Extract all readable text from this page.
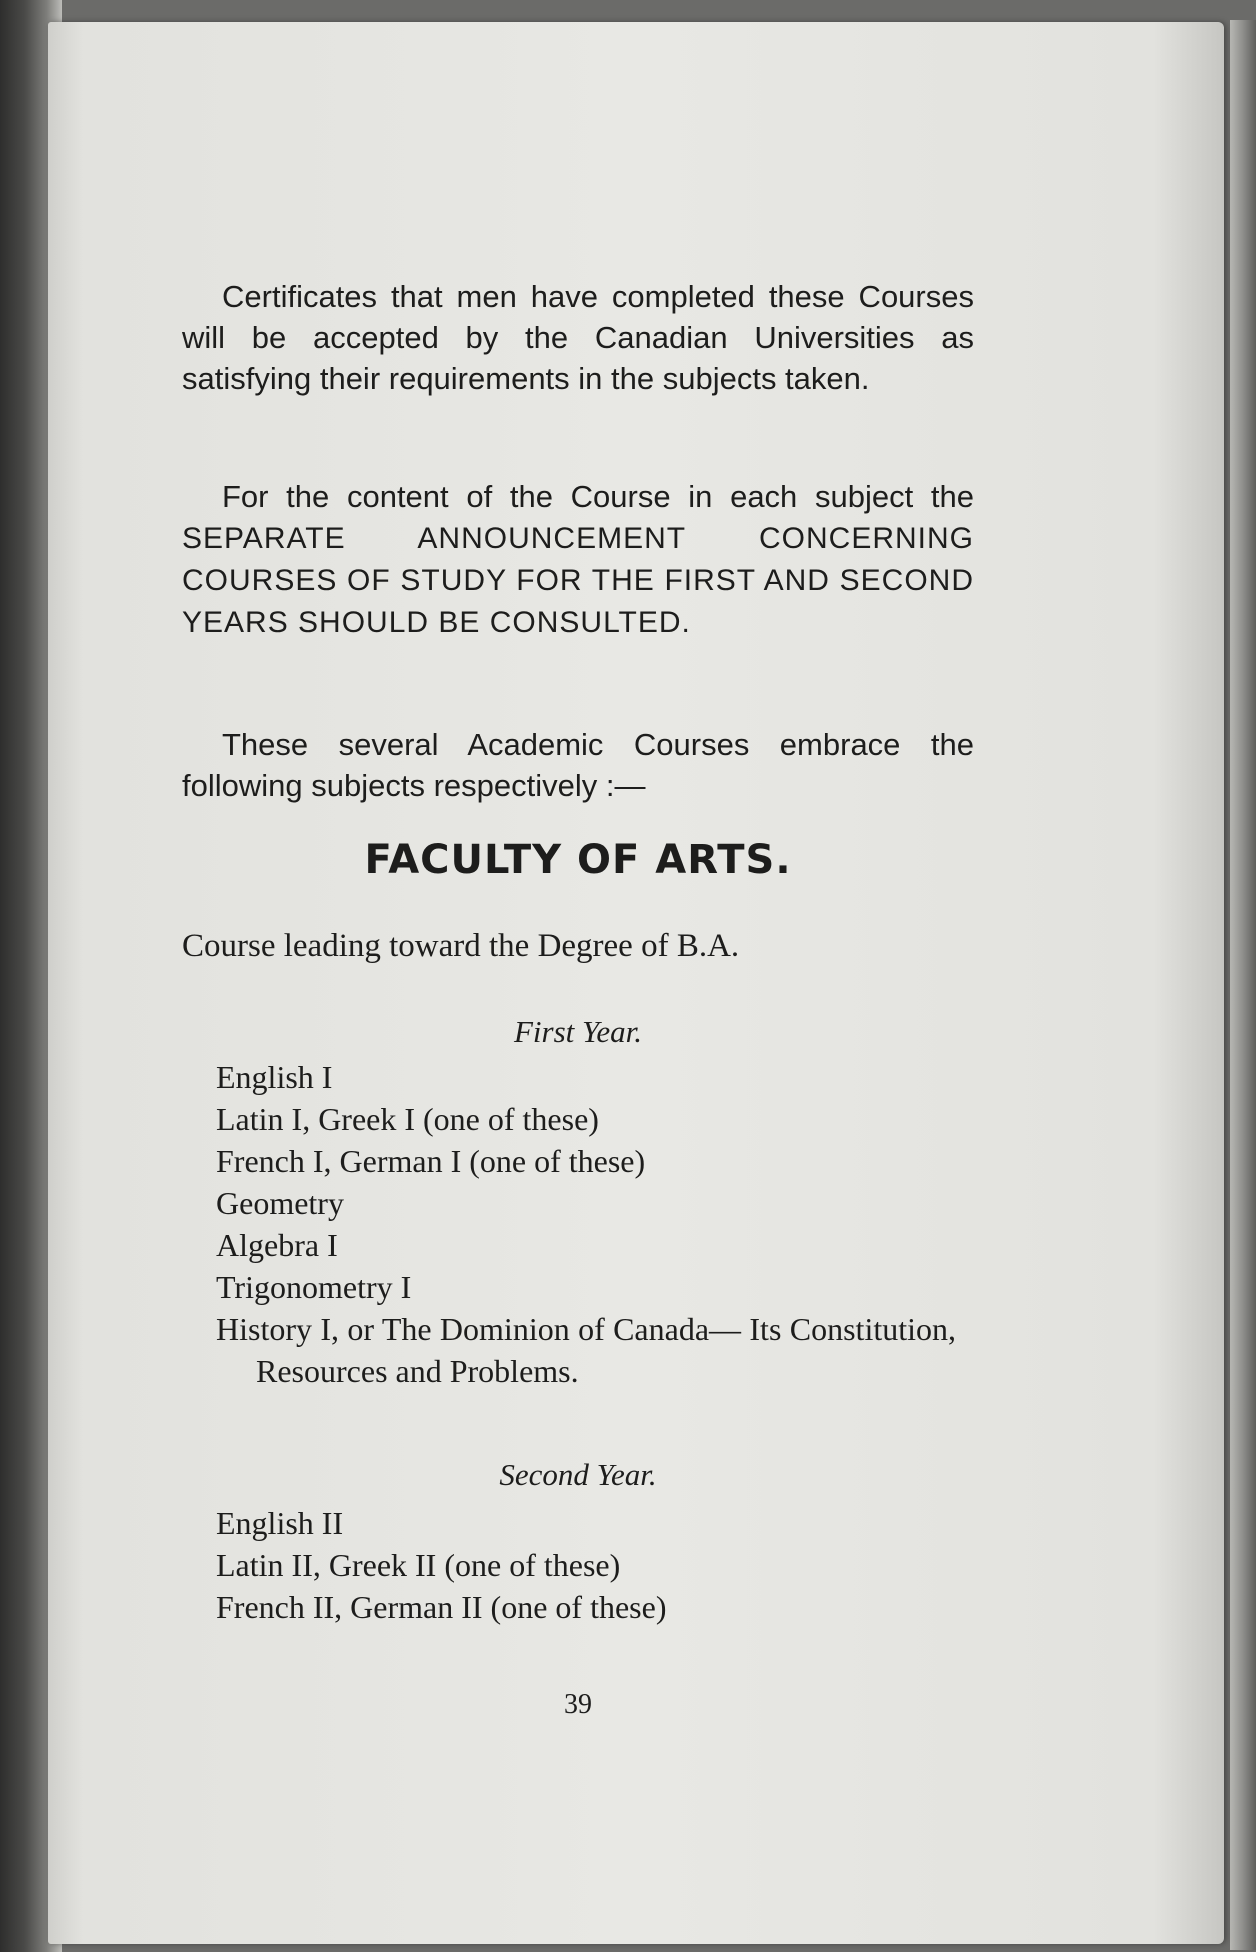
Certificates that men have completed these Courses will be accepted by the Canadian Universities as satisfying their requirements in the subjects taken.

For the content of the Course in each subject the SEPARATE ANNOUNCEMENT CONCERNING COURSES OF STUDY FOR THE FIRST AND SECOND YEARS SHOULD BE CONSULTED.

These several Academic Courses embrace the following subjects respectively :—

FACULTY OF ARTS.
Course leading toward the Degree of B.A.
First Year.
English I
Latin I, Greek I (one of these)
French I, German I (one of these)
Geometry
Algebra I
Trigonometry I
History I, or The Dominion of Canada— Its Constitution, Resources and Problems.
Second Year.
English II
Latin II, Greek II (one of these)
French II, German II (one of these)
39
